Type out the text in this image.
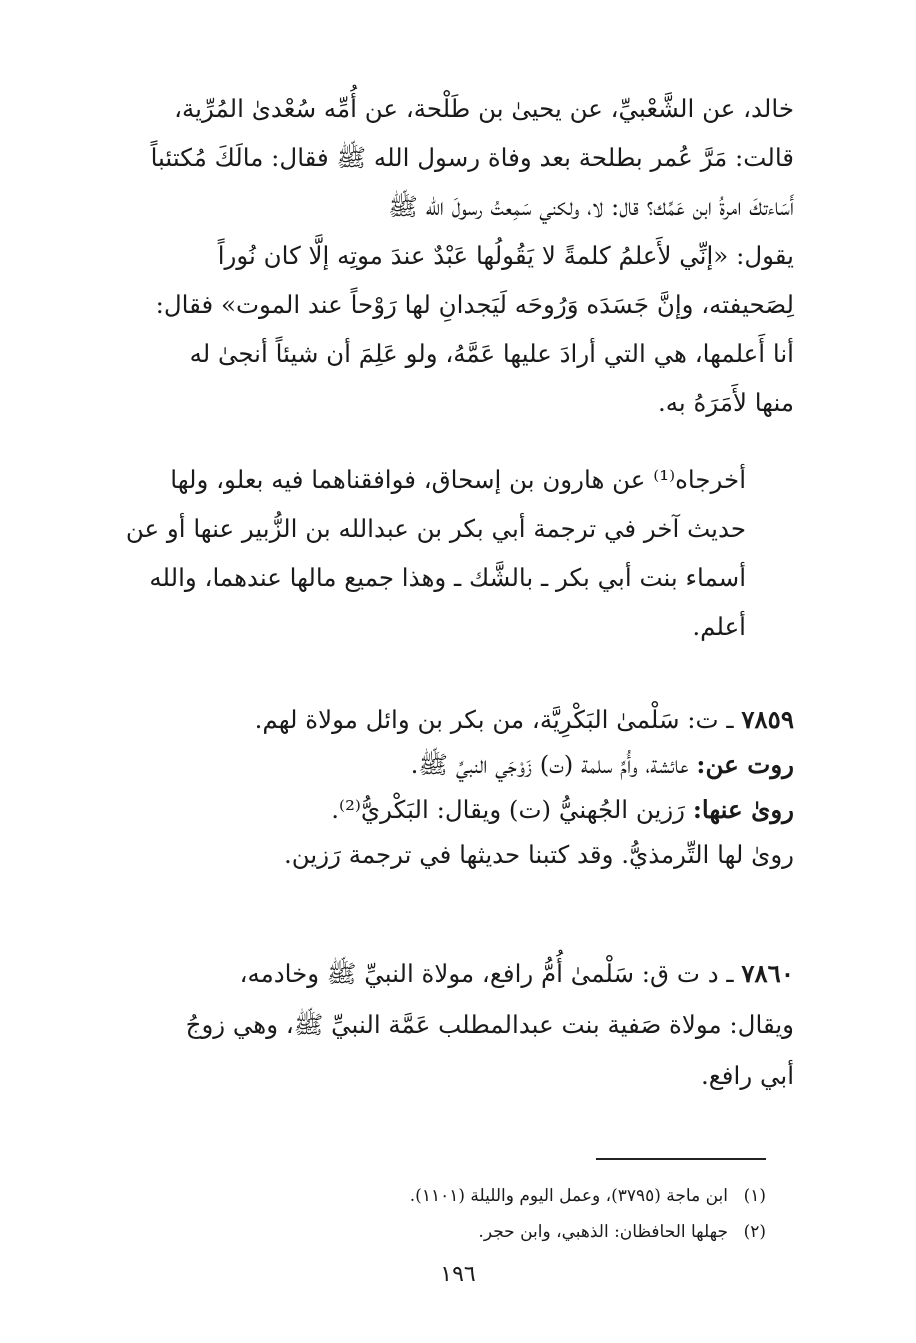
خالد، عن الشَّعْبيِّ، عن يحيىٰ بن طَلْحة، عن أُمِّه سُعْدىٰ المُرِّية،
قالت: مَرَّ عُمر بطلحة بعد وفاة رسول الله ﷺ فقال: مالَكَ مُكتئباً
أَسَاءتكَ امرةُ ابن عَمِّك؟ قال: لا، ولكني سَمِعتُ رسولَ الله ﷺ
يقول: «إنِّي لأَعلمُ كلمةً لا يَقُولُها عَبْدٌ عندَ موتِه إلَّا كان نُوراً
لِصَحيفته، وإنَّ جَسَدَه وَرُوحَه لَيَجدانِ لها رَوْحاً عند الموت» فقال:
أنا أَعلمها، هي التي أرادَ عليها عَمَّهُ، ولو عَلِمَ أن شيئاً أنجىٰ له
منها لأَمَرَهُ به.
أخرجاه⁽¹⁾ عن هارون بن إسحاق، فوافقناهما فيه بعلو، ولها
حديث آخر في ترجمة أبي بكر بن عبدالله بن الزُّبير عنها أو عن
أسماء بنت أبي بكر ـ بالشَّك ـ وهذا جميع مالها عندهما، والله
أعلم.
٧٨٥٩ ـ ت: سَلْمىٰ البَكْرِيَّة، من بكر بن وائل مولاة لهم.
روت عن: عائشة، وأُمِّ سلمة (ت) زَوْجَي النبيِّ ﷺ.
روىٰ عنها: رَزين الجُهنيُّ (ت) ويقال: البَكْريُّ⁽²⁾.
روىٰ لها التِّرمذيُّ. وقد كتبنا حديثها في ترجمة رَزين.
٧٨٦٠ ـ د ت ق: سَلْمىٰ أُمُّ رافع، مولاة النبيِّ ﷺ وخادمه،
ويقال: مولاة صَفية بنت عبدالمطلب عَمَّة النبيِّ ﷺ، وهي زوجُ
أبي رافع.
(١)ابن ماجة (٣٧٩٥)، وعمل اليوم والليلة (١١٠١).
(٢)جهلها الحافظان: الذهبي، وابن حجر.
١٩٦
